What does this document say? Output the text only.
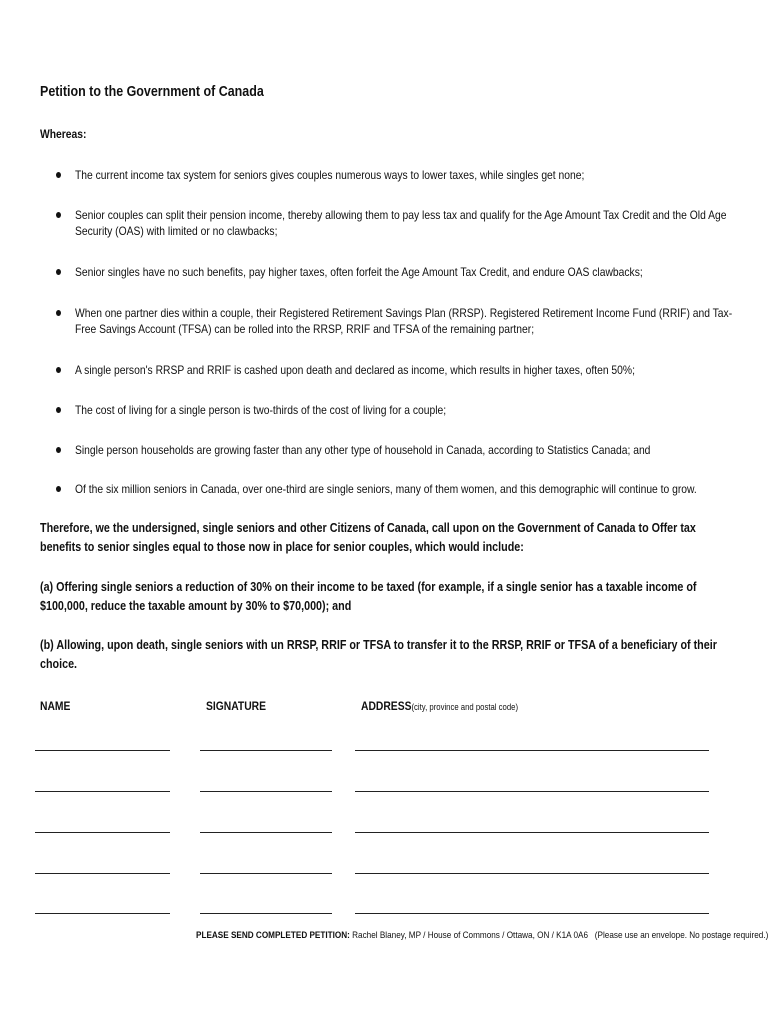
Petition to the Government of Canada
Whereas:
The current income tax system for seniors gives couples numerous ways to lower taxes, while singles get none;
Senior couples can split their pension income, thereby allowing them to pay less tax and qualify for the Age Amount Tax Credit and the Old Age Security (OAS) with limited or no clawbacks;
Senior singles have no such benefits, pay higher taxes, often forfeit the Age Amount Tax Credit, and endure OAS clawbacks;
When one partner dies within a couple, their Registered Retirement Savings Plan (RRSP). Registered Retirement Income Fund (RRIF) and Tax-Free Savings Account (TFSA) can be rolled into the RRSP, RRIF and TFSA of the remaining partner;
A single person's RRSP and RRIF is cashed upon death and declared as income, which results in higher taxes, often 50%;
The cost of living for a single person is two-thirds of the cost of living for a couple;
Single person households are growing faster than any other type of household in Canada, according to Statistics Canada; and
Of the six million seniors in Canada, over one-third are single seniors, many of them women, and this demographic will continue to grow.
Therefore, we the undersigned, single seniors and other Citizens of Canada, call upon on the Government of Canada to Offer tax benefits to senior singles equal to those now in place for senior couples, which would include:
(a) Offering single seniors a reduction of 30% on their income to be taxed (for example, if a single senior has a taxable income of $100,000, reduce the taxable amount by 30% to $70,000); and
(b) Allowing, upon death, single seniors with un RRSP, RRIF or TFSA to transfer it to the RRSP, RRIF or TFSA of a beneficiary of their choice.
NAME	SIGNATURE	ADDRESS(city, province and postal code)
PLEASE SEND COMPLETED PETITION: Rachel Blaney, MP / House of Commons / Ottawa, ON / K1A 0A6 (Please use an envelope. No postage required.)
